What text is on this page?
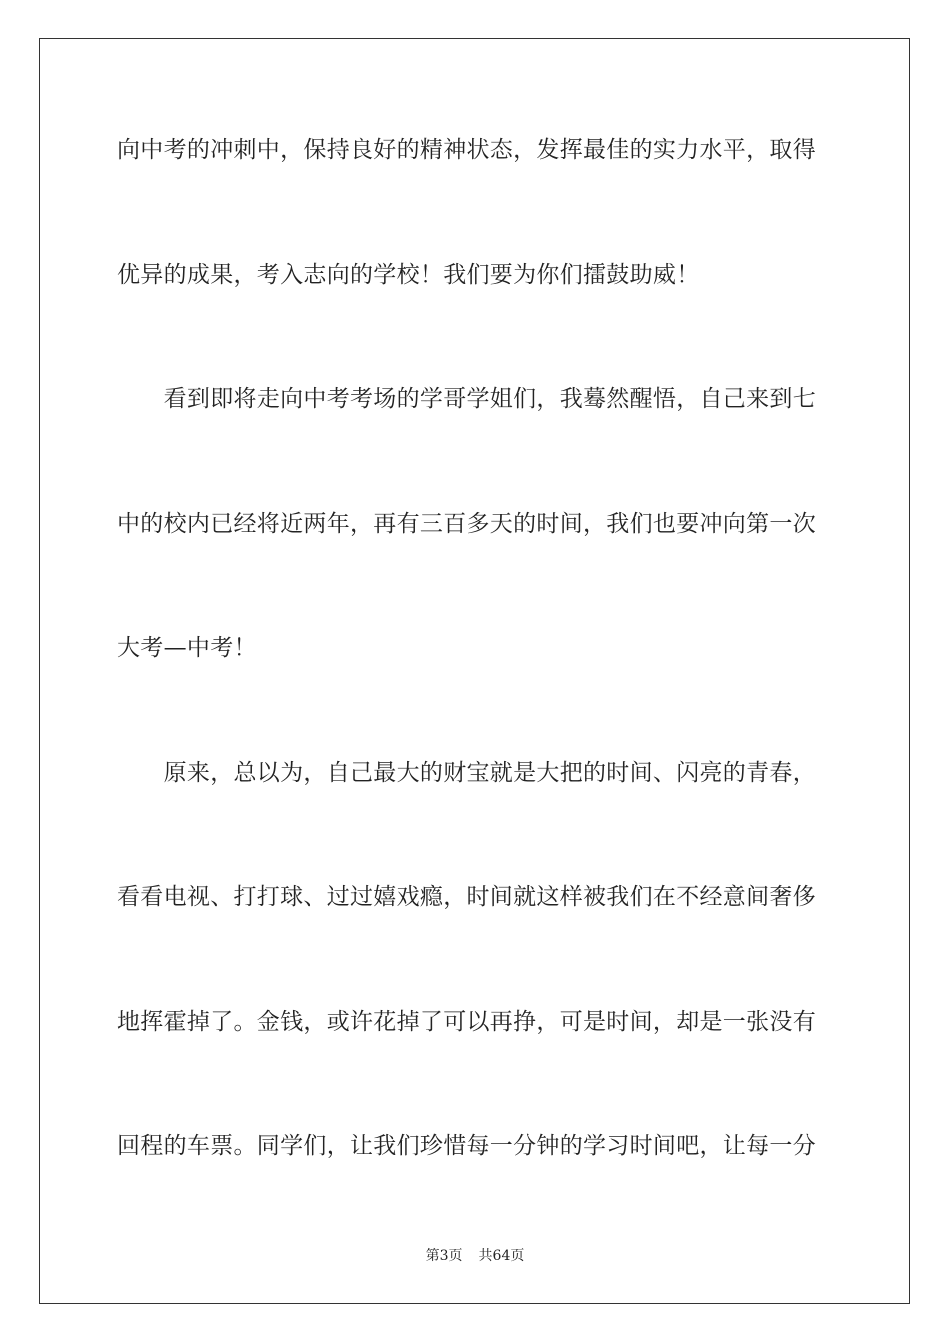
向中考的冲刺中，保持良好的精神状态，发挥最佳的实力水平，取得
优异的成果，考入志向的学校！我们要为你们擂鼓助威！
　　看到即将走向中考考场的学哥学姐们，我蓦然醒悟，自己来到七
中的校内已经将近两年，再有三百多天的时间，我们也要冲向第一次
大考—中考！
　　原来，总以为，自己最大的财宝就是大把的时间、闪亮的青春，
看看电视、打打球、过过嬉戏瘾，时间就这样被我们在不经意间奢侈
地挥霍掉了。金钱，或许花掉了可以再挣，可是时间，却是一张没有
回程的车票。同学们，让我们珍惜每一分钟的学习时间吧，让每一分
第3页 共64页
